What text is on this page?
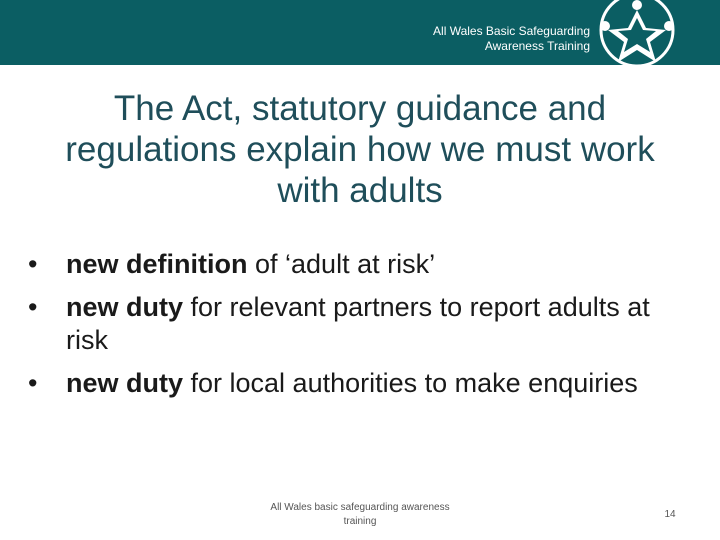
All Wales Basic Safeguarding
Awareness Training
The Act, statutory guidance and regulations explain how we must work with adults
• new definition of ‘adult at risk’
• new duty for relevant partners to report adults at risk
• new duty for local authorities to make enquiries
All Wales basic safeguarding awareness training
14
